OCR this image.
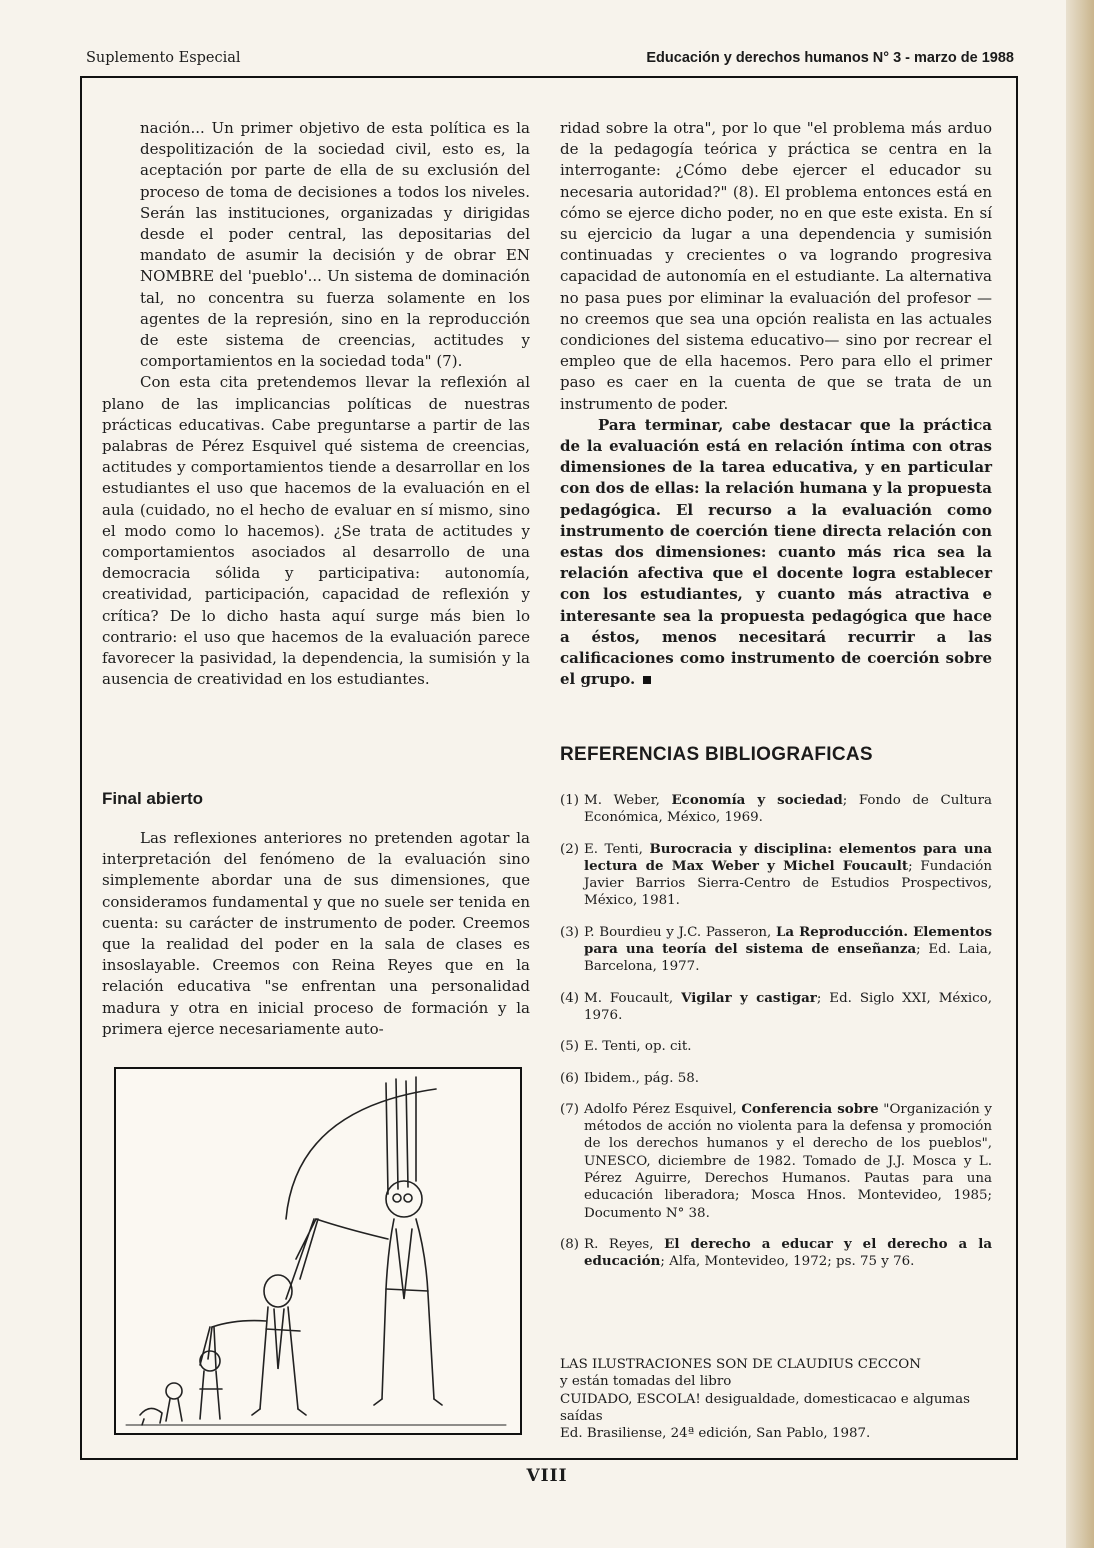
Suplemento Especial	Educación y derechos humanos N° 3 - marzo de 1988

nación... Un primer objetivo de esta política es la despolitización de la sociedad civil, esto es, la aceptación por parte de ella de su exclusión del proceso de toma de decisiones a todos los niveles. Serán las instituciones, organizadas y dirigidas desde el poder central, las depositarias del mandato de asumir la decisión y de obrar EN NOMBRE del 'pueblo'... Un sistema de dominación tal, no concentra su fuerza solamente en los agentes de la represión, sino en la reproducción de este sistema de creencias, actitudes y comportamientos en la sociedad toda" (7).

Con esta cita pretendemos llevar la reflexión al plano de las implicancias políticas de nuestras prácticas educativas. Cabe preguntarse a partir de las palabras de Pérez Esquivel qué sistema de creencias, actitudes y comportamientos tiende a desarrollar en los estudiantes el uso que hacemos de la evaluación en el aula (cuidado, no el hecho de evaluar en sí mismo, sino el modo como lo hacemos). ¿Se trata de actitudes y comportamientos asociados al desarrollo de una democracia sólida y participativa: autonomía, creatividad, participación, capacidad de reflexión y crítica? De lo dicho hasta aquí surge más bien lo contrario: el uso que hacemos de la evaluación parece favorecer la pasividad, la dependencia, la sumisión y la ausencia de creatividad en los estudiantes.

Final abierto

Las reflexiones anteriores no pretenden agotar la interpretación del fenómeno de la evaluación sino simplemente abordar una de sus dimensiones, que consideramos fundamental y que no suele ser tenida en cuenta: su carácter de instrumento de poder. Creemos que la realidad del poder en la sala de clases es insoslayable. Creemos con Reina Reyes que en la relación educativa "se enfrentan una personalidad madura y otra en inicial proceso de formación y la primera ejerce necesariamente auto-

ridad sobre la otra", por lo que "el problema más arduo de la pedagogía teórica y práctica se centra en la interrogante: ¿Cómo debe ejercer el educador su necesaria autoridad?" (8). El problema entonces está en cómo se ejerce dicho poder, no en que este exista. En sí su ejercicio da lugar a una dependencia y sumisión continuadas y crecientes o va logrando progresiva capacidad de autonomía en el estudiante. La alternativa no pasa pues por eliminar la evaluación del profesor —no creemos que sea una opción realista en las actuales condiciones del sistema educativo— sino por recrear el empleo que de ella hacemos. Pero para ello el primer paso es caer en la cuenta de que se trata de un instrumento de poder.

Para terminar, cabe destacar que la práctica de la evaluación está en relación íntima con otras dimensiones de la tarea educativa, y en particular con dos de ellas: la relación humana y la propuesta pedagógica. El recurso a la evaluación como instrumento de coerción tiene directa relación con estas dos dimensiones: cuanto más rica sea la relación afectiva que el docente logra establecer con los estudiantes, y cuanto más atractiva e interesante sea la propuesta pedagógica que hace a éstos, menos necesitará recurrir a las calificaciones como instrumento de coerción sobre el grupo.

REFERENCIAS BIBLIOGRAFICAS

(1) M. Weber, Economía y sociedad; Fondo de Cultura Económica, México, 1969.

(2) E. Tenti, Burocracia y disciplina: elementos para una lectura de Max Weber y Michel Foucault; Fundación Javier Barrios Sierra-Centro de Estudios Prospectivos, México, 1981.

(3) P. Bourdieu y J.C. Passeron, La Reproducción. Elementos para una teoría del sistema de enseñanza; Ed. Laia, Barcelona, 1977.

(4) M. Foucault, Vigilar y castigar; Ed. Siglo XXI, México, 1976.

(5) E. Tenti, op. cit.

(6) Ibidem., pág. 58.

(7) Adolfo Pérez Esquivel, Conferencia sobre "Organización y métodos de acción no violenta para la defensa y promoción de los derechos humanos y el derecho de los pueblos", UNESCO, diciembre de 1982. Tomado de J.J. Mosca y L. Pérez Aguirre, Derechos Humanos. Pautas para una educación liberadora; Mosca Hnos. Montevideo, 1985; Documento N° 38.

(8) R. Reyes, El derecho a educar y el derecho a la educación; Alfa, Montevideo, 1972; ps. 75 y 76.

LAS ILUSTRACIONES SON DE CLAUDIUS CECCON
y están tomadas del libro
CUIDADO, ESCOLA! desigualdade, domesticacao e algumas saídas
Ed. Brasiliense, 24ª edición, San Pablo, 1987.
VIII
